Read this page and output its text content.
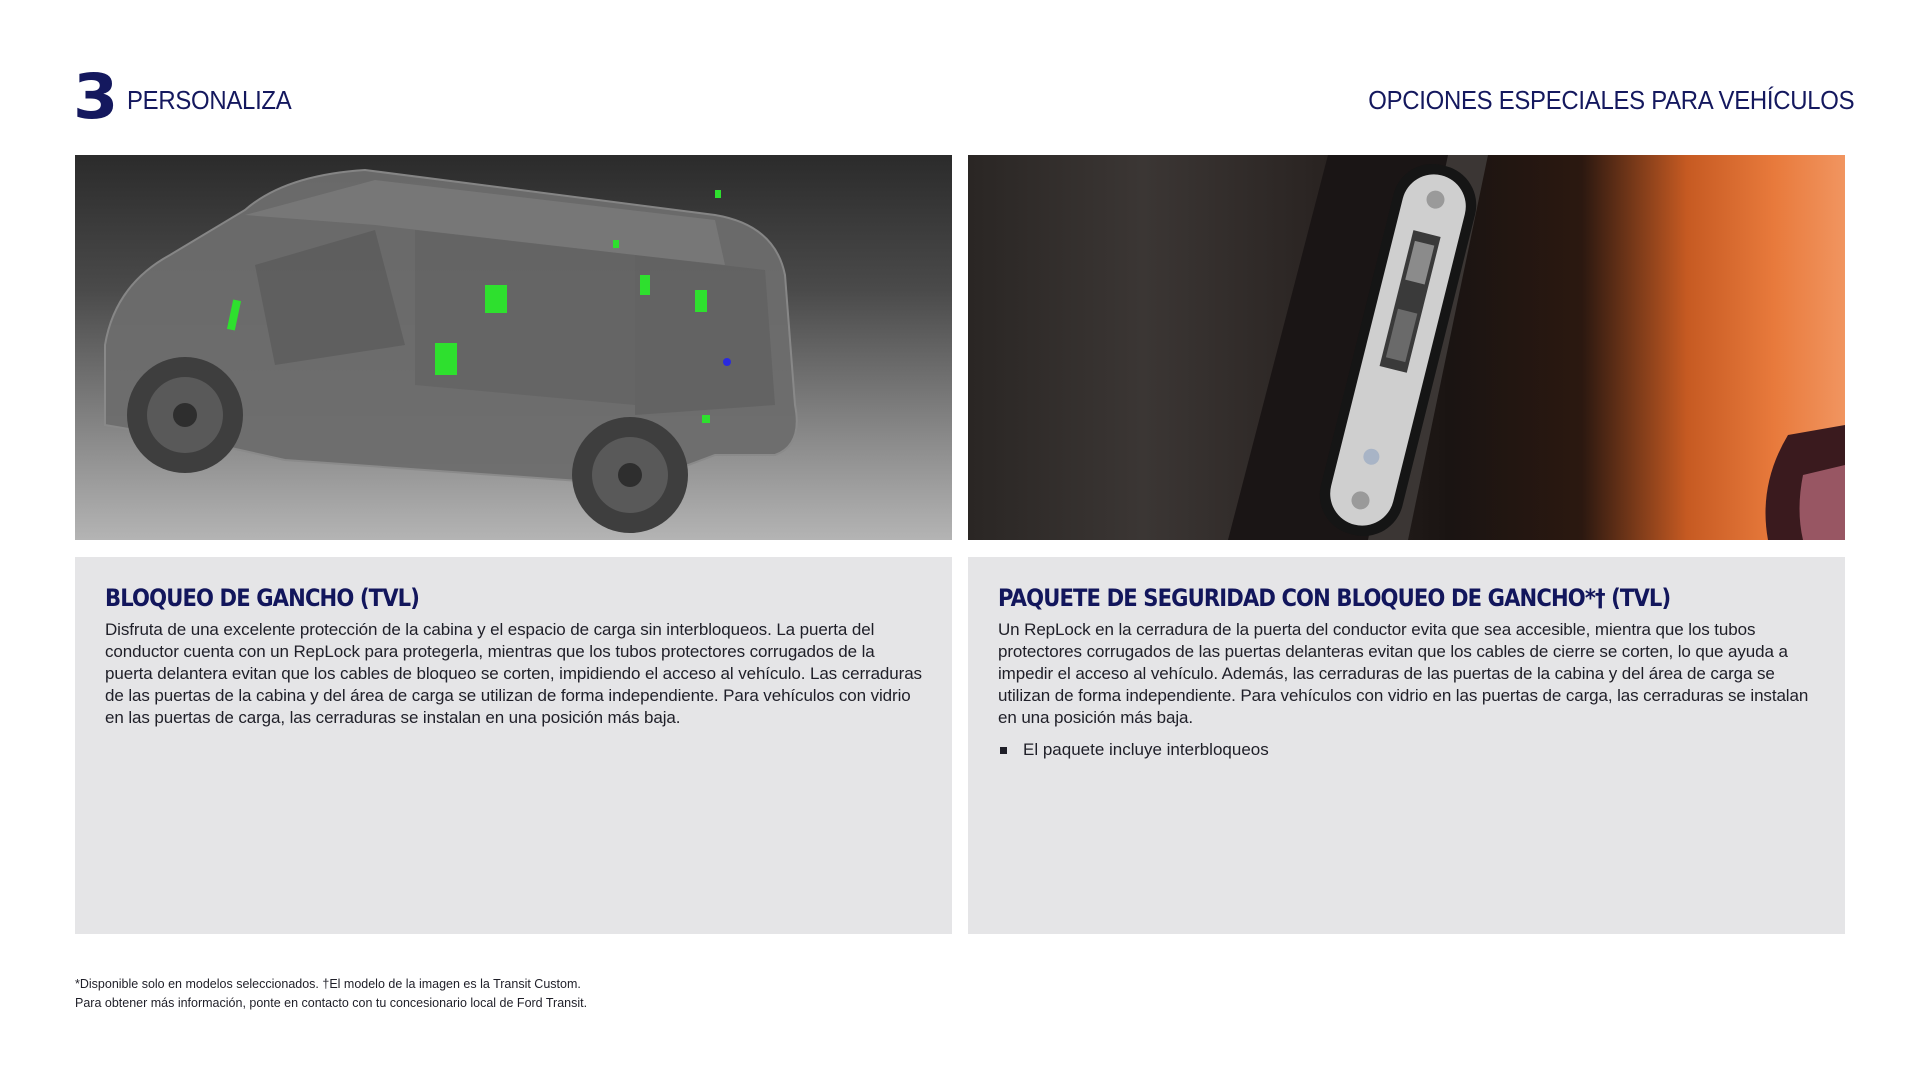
3 PERSONALIZA	OPCIONES ESPECIALES PARA VEHÍCULOS
BLOQUEO DE GANCHO (TVL)

Disfruta de una excelente protección de la cabina y el espacio de carga sin interbloqueos. La puerta del conductor cuenta con un RepLock para protegerla, mientras que los tubos protectores corrugados de la puerta delantera evitan que los cables de bloqueo se corten, impidiendo el acceso al vehículo. Las cerraduras de las puertas de la cabina y del área de carga se utilizan de forma independiente. Para vehículos con vidrio en las puertas de carga, las cerraduras se instalan en una posición más baja.

PAQUETE DE SEGURIDAD CON BLOQUEO DE GANCHO*† (TVL)

Un RepLock en la cerradura de la puerta del conductor evita que sea accesible, mientra que los tubos protectores corrugados de las puertas delanteras evitan que los cables de cierre se corten, lo que ayuda a impedir el acceso al vehículo. Además, las cerraduras de las puertas de la cabina y del área de carga se utilizan de forma independiente. Para vehículos con vidrio en las puertas de carga, las cerraduras se instalan en una posición más baja.

El paquete incluye interbloqueos
*Disponible solo en modelos seleccionados. †El modelo de la imagen es la Transit Custom.
Para obtener más información, ponte en contacto con tu concesionario local de Ford Transit.
